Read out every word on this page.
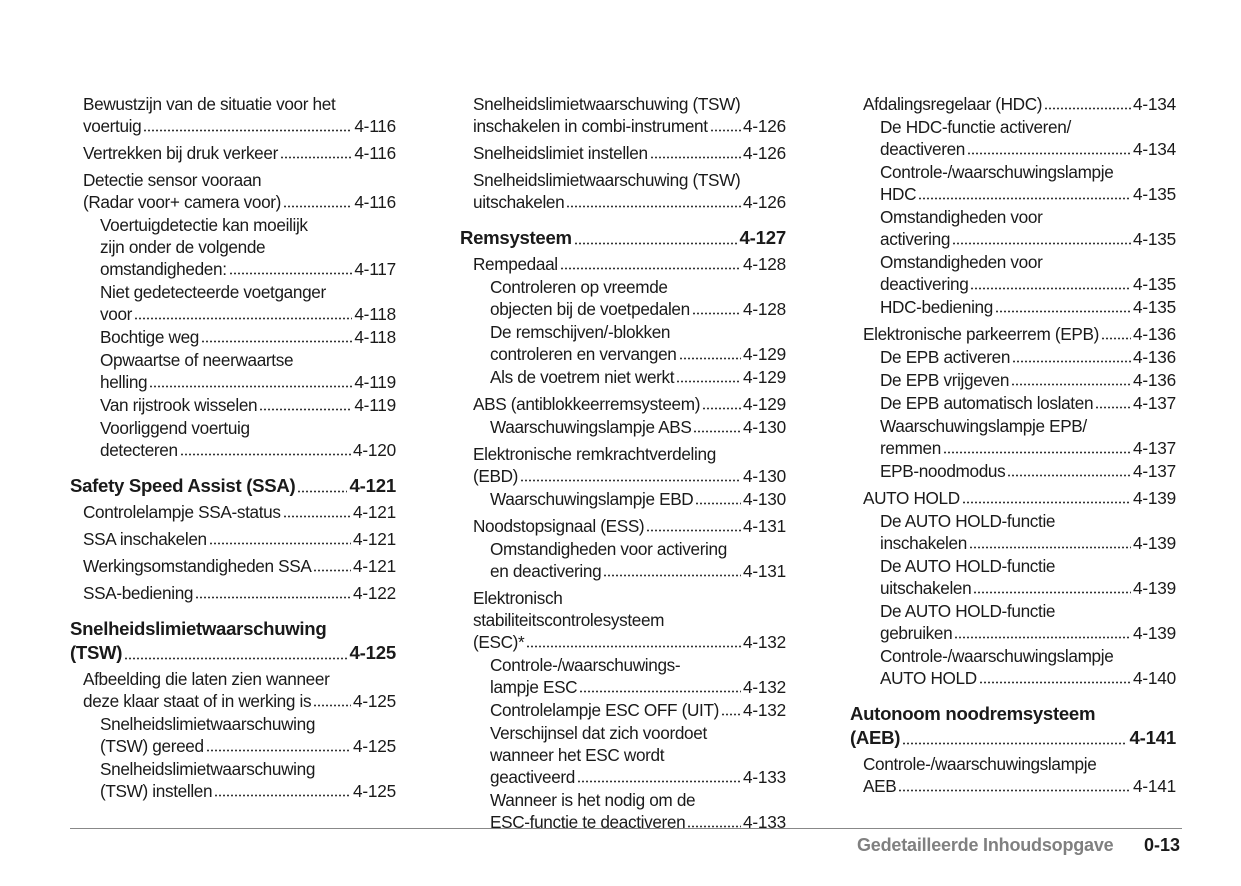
Bewustzijn van de situatie voor het
voertuig	4-116
Vertrekken bij druk verkeer	4-116
Detectie sensor vooraan
(Radar voor+ camera voor)	4-116
Voertuigdetectie kan moeilijk
zijn onder de volgende
omstandigheden:	4-117
Niet gedetecteerde voetganger
voor	4-118
Bochtige weg	4-118
Opwaartse of neerwaartse
helling	4-119
Van rijstrook wisselen	4-119
Voorliggend voertuig
detecteren	4-120
Safety Speed Assist (SSA)	4-121
Controlelampje SSA-status	4-121
SSA inschakelen	4-121
Werkingsomstandigheden SSA 4-121
SSA-bediening	4-122
Snelheidslimietwaarschuwing
(TSW)	4-125
Afbeelding die laten zien wanneer
deze klaar staat of in werking is 4-125
Snelheidslimietwaarschuwing
(TSW) gereed	4-125
Snelheidslimietwaarschuwing
(TSW) instellen	4-125
Snelheidslimietwaarschuwing (TSW)
inschakelen in combi-instrument 4-126
Snelheidslimiet instellen	4-126
Snelheidslimietwaarschuwing (TSW)
uitschakelen	4-126
Remsysteem	4-127
Rempedaal	4-128
Controleren op vreemde
objecten bij de voetpedalen	4-128
De remschijven/-blokken
controleren en vervangen	4-129
Als de voetrem niet werkt	4-129
ABS (antiblokkeerremsysteem) 4-129
Waarschuwingslampje ABS	4-130
Elektronische remkrachtverdeling
(EBD)	4-130
Waarschuwingslampje EBD	4-130
Noodstopsignaal (ESS)	4-131
Omstandigheden voor activering
en deactivering	4-131
Elektronisch
stabiliteitscontrolesysteem
(ESC)*	4-132
Controle-/waarschuwings-
lampje ESC	4-132
Controlelampje ESC OFF (UIT) 4-132
Verschijnsel dat zich voordoet
wanneer het ESC wordt
geactiveerd	4-133
Wanneer is het nodig om de
ESC-functie te deactiveren	4-133
Afdalingsregelaar (HDC)	4-134
De HDC-functie activeren/
deactiveren	4-134
Controle-/waarschuwingslampje
HDC	4-135
Omstandigheden voor
activering	4-135
Omstandigheden voor
deactivering	4-135
HDC-bediening	4-135
Elektronische parkeerrem (EPB) 4-136
De EPB activeren	4-136
De EPB vrijgeven	4-136
De EPB automatisch loslaten 4-137
Waarschuwingslampje EPB/
remmen	4-137
EPB-noodmodus	4-137
AUTO HOLD	4-139
De AUTO HOLD-functie
inschakelen	4-139
De AUTO HOLD-functie
uitschakelen	4-139
De AUTO HOLD-functie
gebruiken	4-139
Controle-/waarschuwingslampje
AUTO HOLD	4-140
Autonoom noodremsysteem
(AEB)	4-141
Controle-/waarschuwingslampje
AEB	4-141
Gedetailleerde Inhoudsopgave 0-13
